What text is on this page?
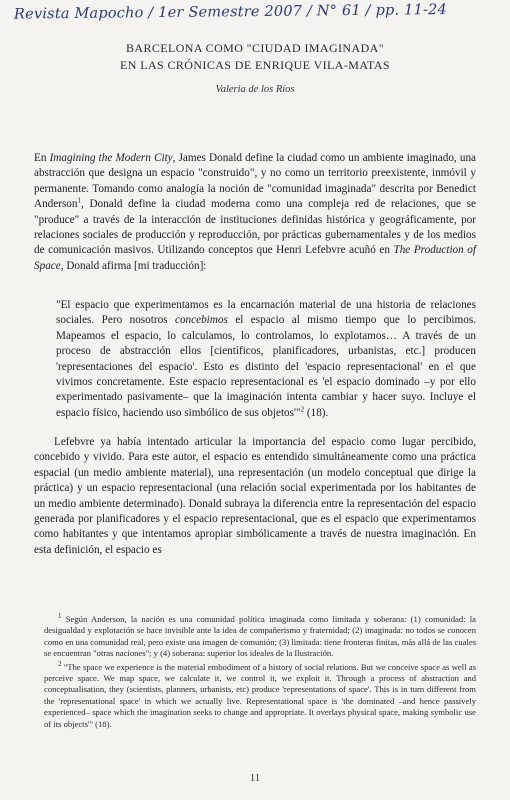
Revista Mapocho / 1er Semestre 2007 / N° 61 / pp. 11-24
BARCELONA COMO "CIUDAD IMAGINADA"
EN LAS CRÓNICAS DE ENRIQUE VILA-MATAS
Valeria de los Ríos
En Imagining the Modern City, James Donald define la ciudad como un ambiente imaginado, una abstracción que designa un espacio "construido", y no como un territorio preexistente, inmóvil y permanente. Tomando como analogía la noción de "comunidad imaginada" descrita por Benedict Anderson$^1$, Donald define la ciudad moderna como una compleja red de relaciones, que se "produce" a través de la interacción de instituciones definidas histórica y geográficamente, por relaciones sociales de producción y reproducción, por prácticas gubernamentales y de los medios de comunicación masivos. Utilizando conceptos que Henri Lefebvre acuñó en The Production of Space, Donald afirma [mi traducción]:
"El espacio que experimentamos es la encarnación material de una historia de relaciones sociales. Pero nosotros concebimos el espacio al mismo tiempo que lo percibimos. Mapeamos el espacio, lo calculamos, lo controlamos, lo explotamos… A través de un proceso de abstracción ellos [científicos, planificadores, urbanistas, etc.] producen 'representaciones del espacio'. Esto es distinto del 'espacio representacional' en el que vivimos concretamente. Este espacio representacional es 'el espacio dominado –y por ello experimentado pasivamente– que la imaginación intenta cambiar y hacer suyo. Incluye el espacio físico, haciendo uso simbólico de sus objetos'"$^2$ (18).
Lefebvre ya había intentado articular la importancia del espacio como lugar percibido, concebido y vivido. Para este autor, el espacio es entendido simultáneamente como una práctica espacial (un medio ambiente material), una representación (un modelo conceptual que dirige la práctica) y un espacio representacional (una relación social experimentada por los habitantes de un medio ambiente determinado). Donald subraya la diferencia entre la representación del espacio generada por planificadores y el espacio representacional, que es el espacio que experimentamos como habitantes y que intentamos apropiar simbólicamente a través de nuestra imaginación. En esta definición, el espacio es

$^1$ Según Anderson, la nación es una comunidad política imaginada como limitada y soberana: (1) comunidad: la desigualdad y explotación se hace invisible ante la idea de compañerismo y fraternidad; (2) imaginada: no todos se conocen como en una comunidad real, pero existe una imagen de comunión; (3) limitada: tiene fronteras finitas, más allá de las cuales se encuentran "otras naciones"; y (4) soberana: superior los ideales de la Ilustración.

$^2$ "The space we experience is the material embodiment of a history of social relations. But we conceive space as well as perceive space. We map space, we calculate it, we control it, we exploit it. Through a process of abstraction and conceptualisation, they (scientists, planners, urbanists, etc) produce 'representations of space'. This is in turn different from the 'representational space' in which we actually live. Representational space is 'the dominated –and hence passively experienced– space which the imagination seeks to change and appropriate. It overlays physical space, making symbolic use of its objects'" (18).

11
